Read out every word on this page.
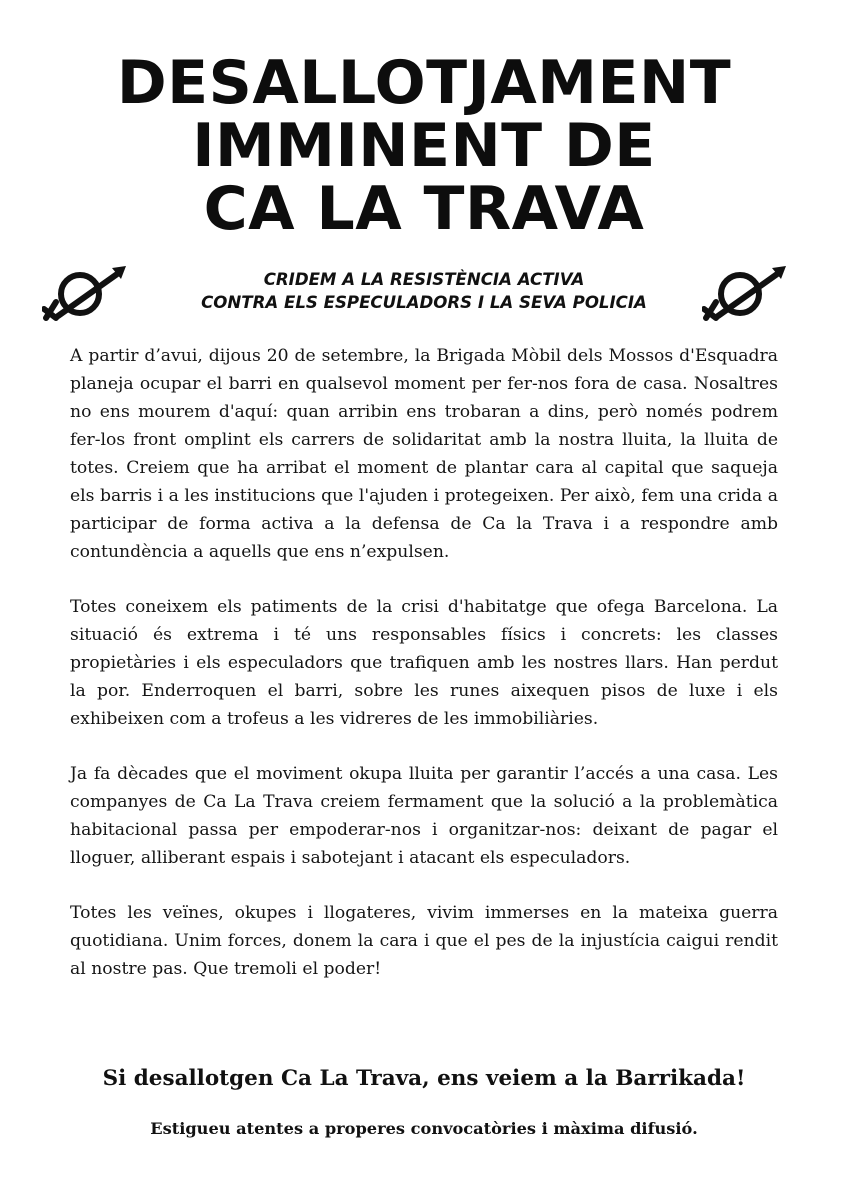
DESALLOTJAMENT
IMMINENT DE
CA LA TRAVA
CRIDEM A LA RESISTÈNCIA ACTIVA
CONTRA ELS ESPECULADORS I LA SEVA POLICIA

A partir d’avui, dijous 20 de setembre, la Brigada Mòbil dels Mossos d'Esquadra planeja ocupar el barri en qualsevol moment per fer-nos fora de casa. Nosaltres no ens mourem d'aquí: quan arribin ens trobaran a dins, però només podrem fer-los front omplint els carrers de solidaritat amb la nostra lluita, la lluita de totes. Creiem que ha arribat el moment de plantar cara al capital que saqueja els barris i a les institucions que l'ajuden i protegeixen. Per això, fem una crida a participar de forma activa a la defensa de Ca la Trava i a respondre amb contundència a aquells que ens n’expulsen.

Totes coneixem els patiments de la crisi d'habitatge que ofega Barcelona. La situació és extrema i té uns responsables físics i concrets: les classes propietàries i els especuladors que trafiquen amb les nostres llars. Han perdut la por. Enderroquen el barri, sobre les runes aixequen pisos de luxe i els exhibeixen com a trofeus a les vidreres de les immobiliàries.

Ja fa dècades que el moviment okupa lluita per garantir l’accés a una casa. Les companyes de Ca La Trava creiem fermament que la solució a la problemàtica habitacional passa per empoderar-nos i organitzar-nos: deixant de pagar el lloguer, alliberant espais i sabotejant i atacant els especuladors.

Totes les veïnes, okupes i llogateres, vivim immerses en la mateixa guerra quotidiana. Unim forces, donem la cara i que el pes de la injustícia caigui rendit al nostre pas. Que tremoli el poder!

Si desallotgen Ca La Trava, ens veiem a la Barrikada!
Estigueu atentes a properes convocatòries i màxima difusió.
